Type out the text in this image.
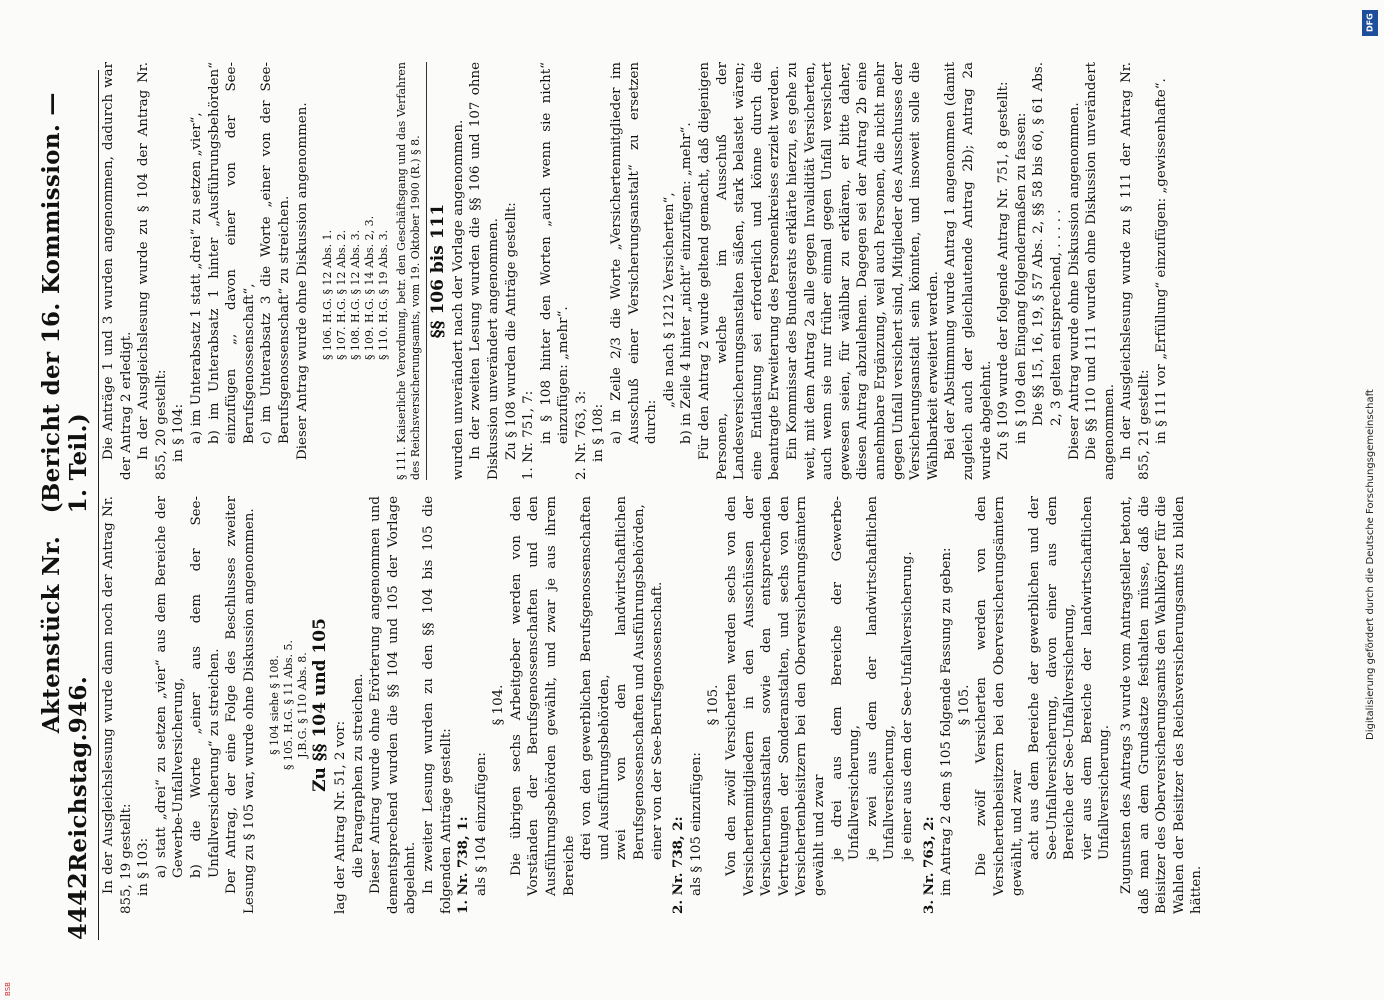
4442
Reichstag.
Aktenstück Nr. 946.
(Bericht der 16. Kommission. — 1. Teil.)

In der Ausgleichslesung wurde dann noch der Antrag Nr. 855, 19 gestellt: in § 103: a) statt „drei“ zu setzen „vier“ aus dem Bereiche der Gewerbe-Unfallversicherung, b) die Worte „einer aus dem der See-Unfallversicherung“ zu streichen. Der Antrag, der eine Folge des Beschlusses zweiter Lesung zu § 105 war, wurde ohne Diskussion angenommen. § 104 siehe § 108. § 105. H.G. § 11 Abs. 5. J.B.G. § 110 Abs. 8. Zu §§ 104 und 105

lag der Antrag Nr. 51, 2 vor: die Paragraphen zu streichen. Dieser Antrag wurde ohne Erörterung angenommen und dementsprechend wurden die §§ 104 und 105 der Vorlage abgelehnt. In zweiter Lesung wurden zu den §§ 104 bis 105 die folgenden Anträge gestellt: 1. Nr. 738, 1: als § 104 einzufügen:

§ 104. Die übrigen sechs Arbeitgeber werden von den Vorständen der Berufsgenossenschaften und den Ausführungsbehörden gewählt, und zwar je aus ihrem Bereiche

drei von den gewerblichen Berufsgenossenschaften und Ausführungsbehörden, zwei von den landwirtschaftlichen Berufsgenossenschaften und Ausführungsbehörden, einer von der See-Berufsgenossenschaft.

2. Nr. 738, 2: als § 105 einzufügen:

§ 105. Von den zwölf Versicherten werden sechs von den Versichertenmitgliedern in den Ausschüssen der Versicherungsanstalten sowie den entsprechenden Vertretungen der Sonderanstalten, und sechs von den Versichertenbeisitzern bei den Oberversicherungsämtern gewählt und zwar je drei aus dem Bereiche der Gewerbe-Unfallversicherung, je zwei aus dem der landwirtschaftlichen Unfallversicherung, je einer aus dem der See-Unfallversicherung.

3. Nr. 763, 2: im Antrag 2 dem § 105 folgende Fassung zu geben: § 105. Die zwölf Versicherten werden von den Versichertenbeisitzern bei den Oberversicherungsämtern gewählt, und zwar acht aus dem Bereiche der gewerblichen und der See-Unfallversicherung, davon einer aus dem Bereiche der See-Unfallversicherung, vier aus dem Bereiche der landwirtschaftlichen Unfallversicherung. Zugunsten des Antrags 3 wurde vom Antragsteller betont, daß man an dem Grundsatze festhalten müsse, daß die Beisitzer des Oberversicherungsamts den Wahlkörper für die Wahlen der Beisitzer des Reichsversicherungsamts zu bilden hätten.

Die Anträge 1 und 3 wurden angenommen, dadurch war der Antrag 2 erledigt. In der Ausgleichslesung wurde zu § 104 der Antrag Nr. 855, 20 gestellt: in § 104: a) im Unterabsatz 1 statt „drei“ zu setzen „vier“, b) im Unterabsatz 1 hinter „Ausführungsbehörden“ einzufügen „, davon einer von der See-Berufsgenossenschaft“, c) im Unterabsatz 3 die Worte „einer von der See-Berufsgenossenschaft“ zu streichen. Dieser Antrag wurde ohne Diskussion angenommen. § 106. H.G. § 12 Abs. 1. § 107. H.G. § 12 Abs. 2. § 108. H.G. § 12 Abs. 3. § 109. H.G. § 14 Abs. 2, 3. § 110. H.G. § 19 Abs. 3. § 111. Kaiserliche Verordnung, betr. den Geschäftsgang und das Verfahren des Reichsversicherungsamts, vom 19. Oktober 1900 (R.) § 8. §§ 106 bis 111 wurden unverändert nach der Vorlage angenommen. In der zweiten Lesung wurden die §§ 106 und 107 ohne Diskussion unverändert angenommen. Zu § 108 wurden die Anträge gestellt: 1. Nr. 751, 7: in § 108 hinter den Worten „auch wenn sie nicht“ einzufügen: „mehr“. 2. Nr. 763, 3: in § 108: a) in Zeile 2/3 die Worte „Versichertenmitglieder im Ausschuß einer Versicherungsanstalt“ zu ersetzen durch:

„die nach § 1212 Versicherten“, b) in Zeile 4 hinter „nicht“ einzufügen: „mehr“. Für den Antrag 2 wurde geltend gemacht, daß diejenigen Personen, welche im Ausschuß der Landesversicherungsanstalten säßen, stark belastet wären; eine Entlastung sei erforderlich und könne durch die beantragte Erweiterung des Personenkreises erzielt werden. Ein Kommissar des Bundesrats erklärte hierzu, es gehe zu weit, mit dem Antrag 2a alle gegen Invalidität Versicherten, auch wenn sie nur früher einmal gegen Unfall versichert gewesen seien, für wählbar zu erklären, er bitte daher, diesen Antrag abzulehnen. Dagegen sei der Antrag 2b eine annehmbare Ergänzung, weil auch Personen, die nicht mehr gegen Unfall versichert sind, Mitglieder des Ausschusses der Versicherungsanstalt sein könnten, und insoweit solle die Wählbarkeit erweitert werden. Bei der Abstimmung wurde Antrag 1 angenommen (damit zugleich auch der gleichlautende Antrag 2b); Antrag 2a wurde abgelehnt. Zu § 109 wurde der folgende Antrag Nr. 751, 8 gestellt: in § 109 den Eingang folgendermaßen zu fassen: Die §§ 15, 16, 19, § 57 Abs. 2, §§ 58 bis 60, § 61 Abs. 2, 3 gelten entsprechend, . . . . . Dieser Antrag wurde ohne Diskussion angenommen. Die §§ 110 und 111 wurden ohne Diskussion unverändert angenommen. In der Ausgleichslesung wurde zu § 111 der Antrag Nr. 855, 21 gestellt: in § 111 vor „Erfüllung“ einzufügen: „gewissenhafte“.

DFG
Digitalisierung gefördert durch die Deutsche Forschungsgemeinschaft
BSB
